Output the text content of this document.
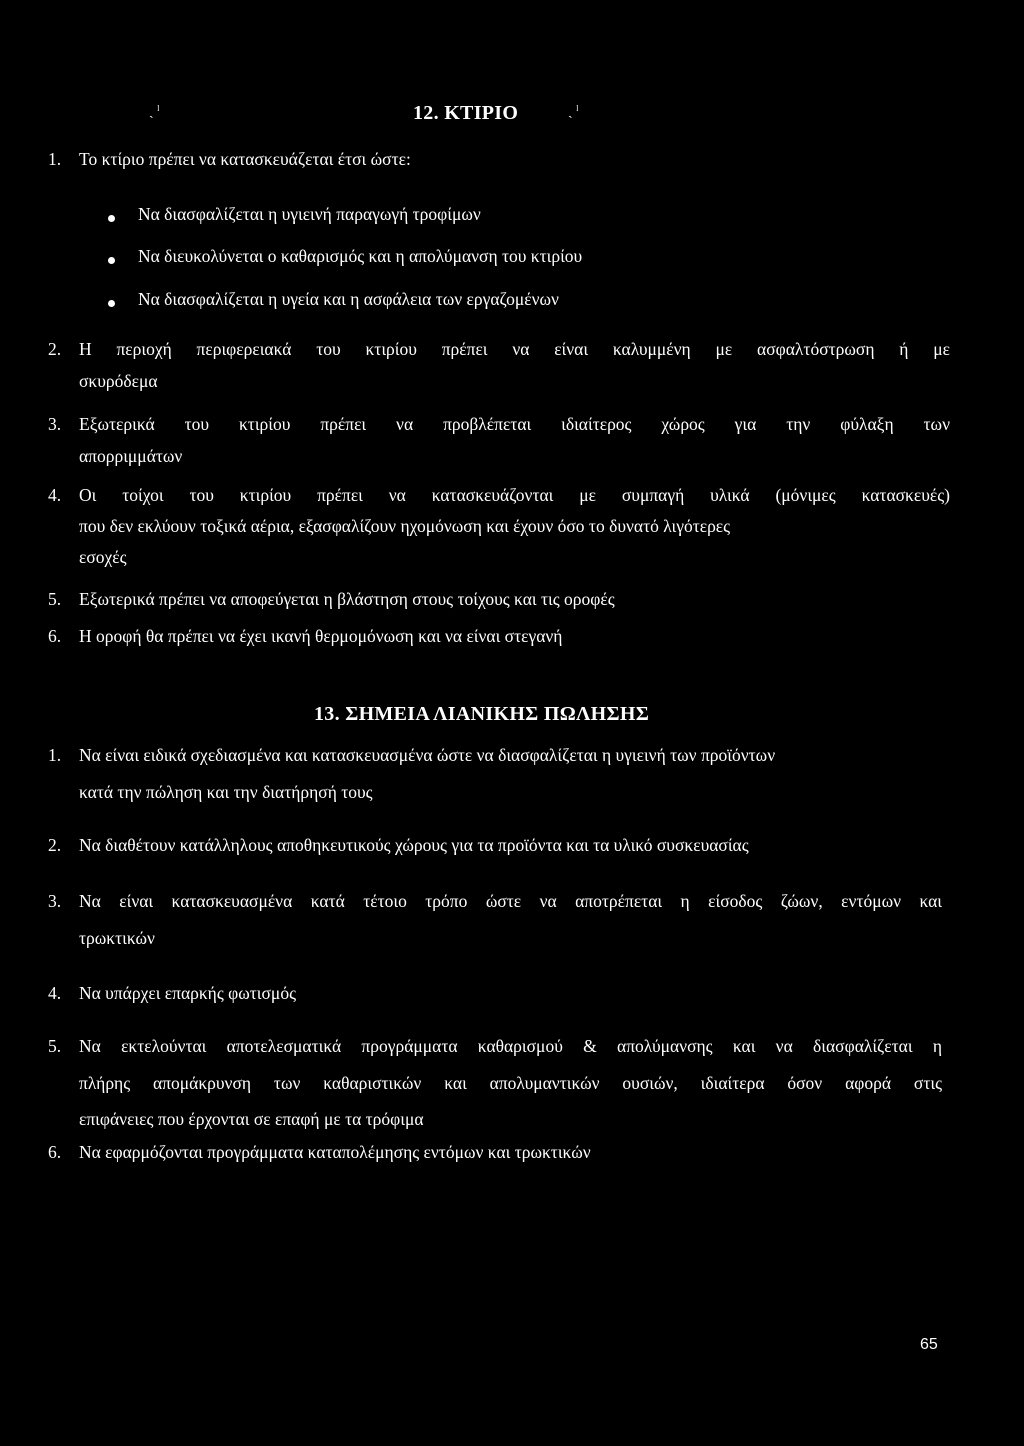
ˏ ˡ	ˏ ˡ
12. ΚΤΙΡΙΟ
1. Το κτίριο πρέπει να κατασκευάζεται έτσι ώστε:
Να διασφαλίζεται η υγιεινή παραγωγή τροφίμων
Να διευκολύνεται ο καθαρισμός και η απολύμανση του κτιρίου
Να διασφαλίζεται η υγεία και η ασφάλεια των εργαζομένων
2. Η περιοχή περιφερειακά του κτιρίου πρέπει να είναι καλυμμένη με ασφαλτόστρωση ή με
σκυρόδεμα
3. Εξωτερικά του κτιρίου πρέπει να προβλέπεται ιδιαίτερος χώρος για την φύλαξη των
απορριμμάτων
4. Οι τοίχοι του κτιρίου πρέπει να κατασκευάζονται με συμπαγή υλικά (μόνιμες κατασκευές)
που δεν εκλύουν τοξικά αέρια, εξασφαλίζουν ηχομόνωση και έχουν όσο το δυνατό λιγότερες
εσοχές
5. Εξωτερικά πρέπει να αποφεύγεται η βλάστηση στους τοίχους και τις οροφές
6. Η οροφή θα πρέπει να έχει ικανή θερμομόνωση και να είναι στεγανή
13. ΣΗΜΕΙΑ ΛΙΑΝΙΚΗΣ ΠΩΛΗΣΗΣ
1. Να είναι ειδικά σχεδιασμένα και κατασκευασμένα ώστε να διασφαλίζεται η υγιεινή των προϊόντων
κατά την πώληση και την διατήρησή τους
2. Να διαθέτουν κατάλληλους αποθηκευτικούς χώρους για τα προϊόντα και τα υλικό συσκευασίας
3. Να είναι κατασκευασμένα κατά τέτοιο τρόπο ώστε να αποτρέπεται η είσοδος ζώων, εντόμων και
τρωκτικών
4. Να υπάρχει επαρκής φωτισμός
5. Να εκτελούνται αποτελεσματικά προγράμματα καθαρισμού & απολύμανσης και να διασφαλίζεται η
πλήρης απομάκρυνση των καθαριστικών και απολυμαντικών ουσιών, ιδιαίτερα όσον αφορά στις
επιφάνειες που έρχονται σε επαφή με τα τρόφιμα
6. Να εφαρμόζονται προγράμματα καταπολέμησης εντόμων και τρωκτικών
65
